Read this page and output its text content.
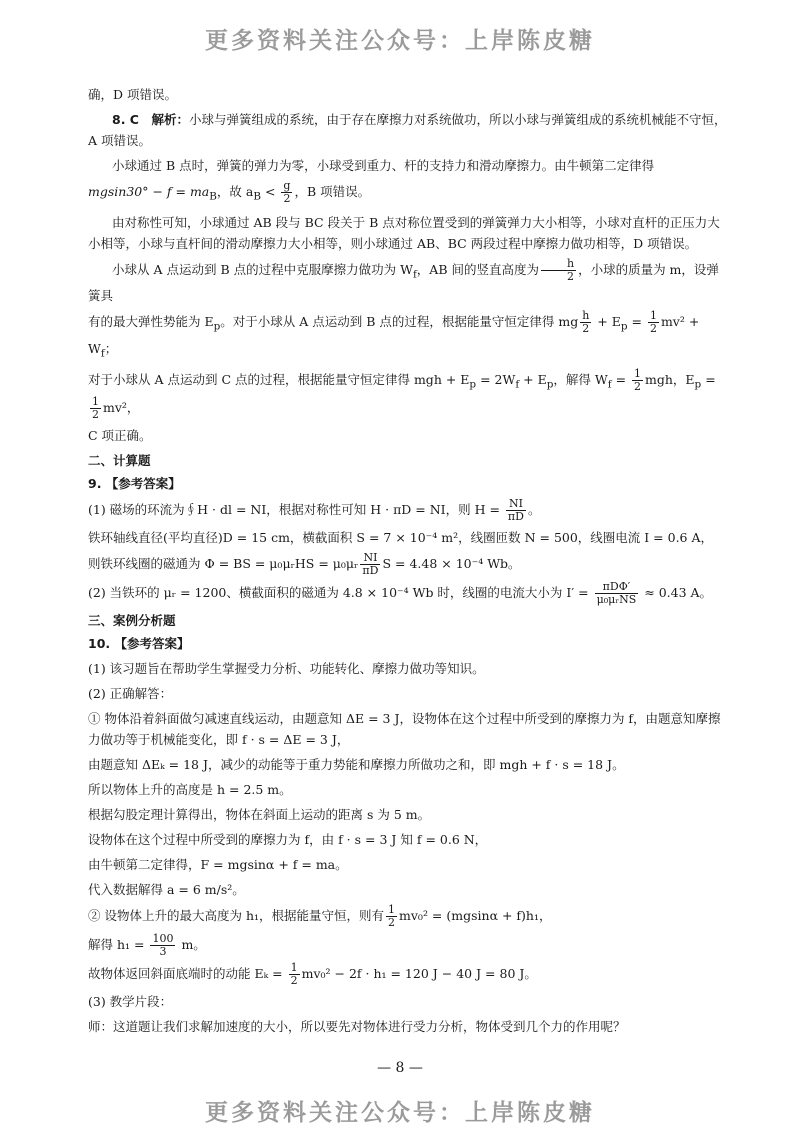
更多资料关注公众号：上岸陈皮糖

确，D 项错误。

8. C　解析：小球与弹簧组成的系统，由于存在摩擦力对系统做功，所以小球与弹簧组成的系统机械能不守恒，A 项错误。

小球通过 B 点时，弹簧的弹力为零，小球受到重力、杆的支持力和滑动摩擦力。由牛顿第二定律得

$mgsin30^\circ - f = ma_B$，故 $a_B < \frac{g}{2}$ ，B 项错误。

由对称性可知，小球通过 AB 段与 BC 段关于 B 点对称位置受到的弹簧弹力大小相等，小球对直杆的正压力大小相等，小球与直杆间的滑动摩擦力大小相等，则小球通过 AB、BC 两段过程中摩擦力做功相等，D 项错误。

小球从 A 点运动到 B 点的过程中克服摩擦力做功为 $W_f$，AB 间的竖直高度为 $\frac{h}{2}$ ，小球的质量为 m，设弹簧具

有的最大弹性势能为 $E_p$。对于小球从 A 点运动到 B 点的过程，根据能量守恒定律得 mg $\frac{h}{2} + E_p = \frac{1}{2} mv^2 + W_f$；

对于小球从 A 点运动到 C 点的过程，根据能量守恒定律得 mgh + $E_p = 2W_f + E_p$，解得 $W_f = \frac{1}{2}$ mgh，$E_p$ =
$\frac{1}{2} mv^2$，

C 项正确。

二、计算题

9. 【参考答案】

(1) 磁场的环流为∮H · dl = NI，根据对称性可知 H · πD = NI，则 $H = \frac{NI}{\pi D}$ 。

铁环轴线直径(平均直径)D = 15 cm，横截面积 S = 7 × 10⁻⁴ m²，线圈匝数 N = 500，线圈电流 I = 0.6 A，

则铁环线圈的磁通为 Φ = BS = μ₀μᵣHS = μ₀μᵣ $\frac{NI}{\pi D}$ S = 4.48 × 10⁻⁴ Wb。

(2) 当铁环的 μᵣ = 1200、横截面积的磁通为 4.8 × 10⁻⁴ Wb 时，线圈的电流大小为 $I' = \frac{\text{πDΦ′}}{\text{μ₀μᵣNS}} \approx 0.43$ A。

三、案例分析题

10. 【参考答案】

(1) 该习题旨在帮助学生掌握受力分析、功能转化、摩擦力做功等知识。

(2) 正确解答：

① 物体沿着斜面做匀减速直线运动，由题意知 ΔE = 3 J，设物体在这个过程中所受到的摩擦力为 f，由题意知摩擦力做功等于机械能变化，即 f · s = ΔE = 3 J，

由题意知 ΔEₖ = 18 J，减少的动能等于重力势能和摩擦力所做功之和，即 mgh + f · s = 18 J。

所以物体上升的高度是 h = 2.5 m。

根据勾股定理计算得出，物体在斜面上运动的距离 s 为 5 m。

设物体在这个过程中所受到的摩擦力为 f，由 f · s = 3 J 知 f = 0.6 N，

由牛顿第二定律得，F = mgsinα + f = ma。

代入数据解得 a = 6 m/s²。

② 设物体上升的最大高度为 h₁，根据能量守恒，则有 $\frac{1}{2} mv_0^2 = (mgsin\alpha + f)h_1$，

解得 $h_1 = \frac{100}{3}$ m。

故物体返回斜面底端时的动能 $E_k = \frac{1}{2} mv_0^2 - 2f \cdot h_1 = 120$ J − 40 J = 80 J。

(3) 教学片段：

师：这道题让我们求解加速度的大小，所以要先对物体进行受力分析，物体受到几个力的作用呢？

— 8 —
更多资料关注公众号：上岸陈皮糖
